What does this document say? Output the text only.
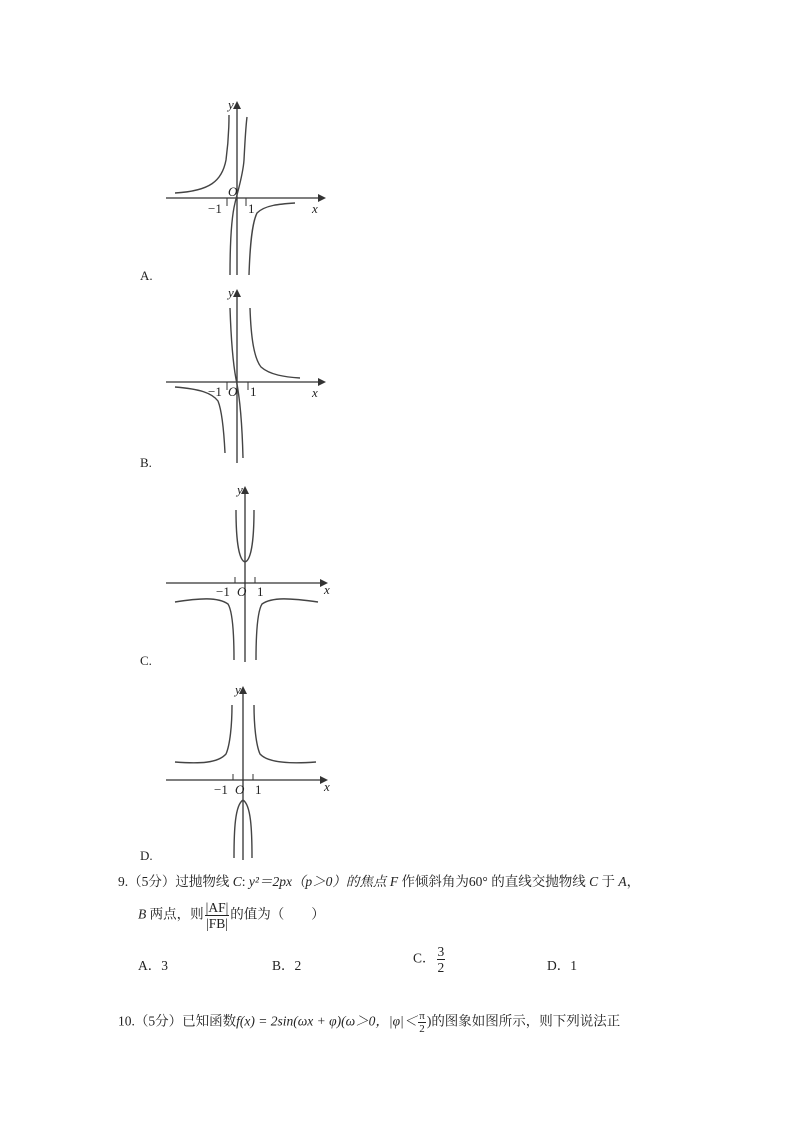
y
x
O
−1 1
A.
y
x
−1 O 1
B.
y
x
−1 O 1
C.
y
x
−1 O 1
D.
9.（5分）过抛物线 C: y²＝2px（p＞0）的焦点 F 作倾斜角为60° 的直线交抛物线 C 于 A，
B 两点，则 $\frac{|AF|}{|FB|}$ 的值为（　　）
A．3	B．2	C． $\frac{3}{2}$	D．1
10.（5分）已知函数f(x) = 2sin(ωx + φ)(ω＞0，$|\varphi|< \frac{\pi}{2}$ )的图象如图所示，则下列说法正
